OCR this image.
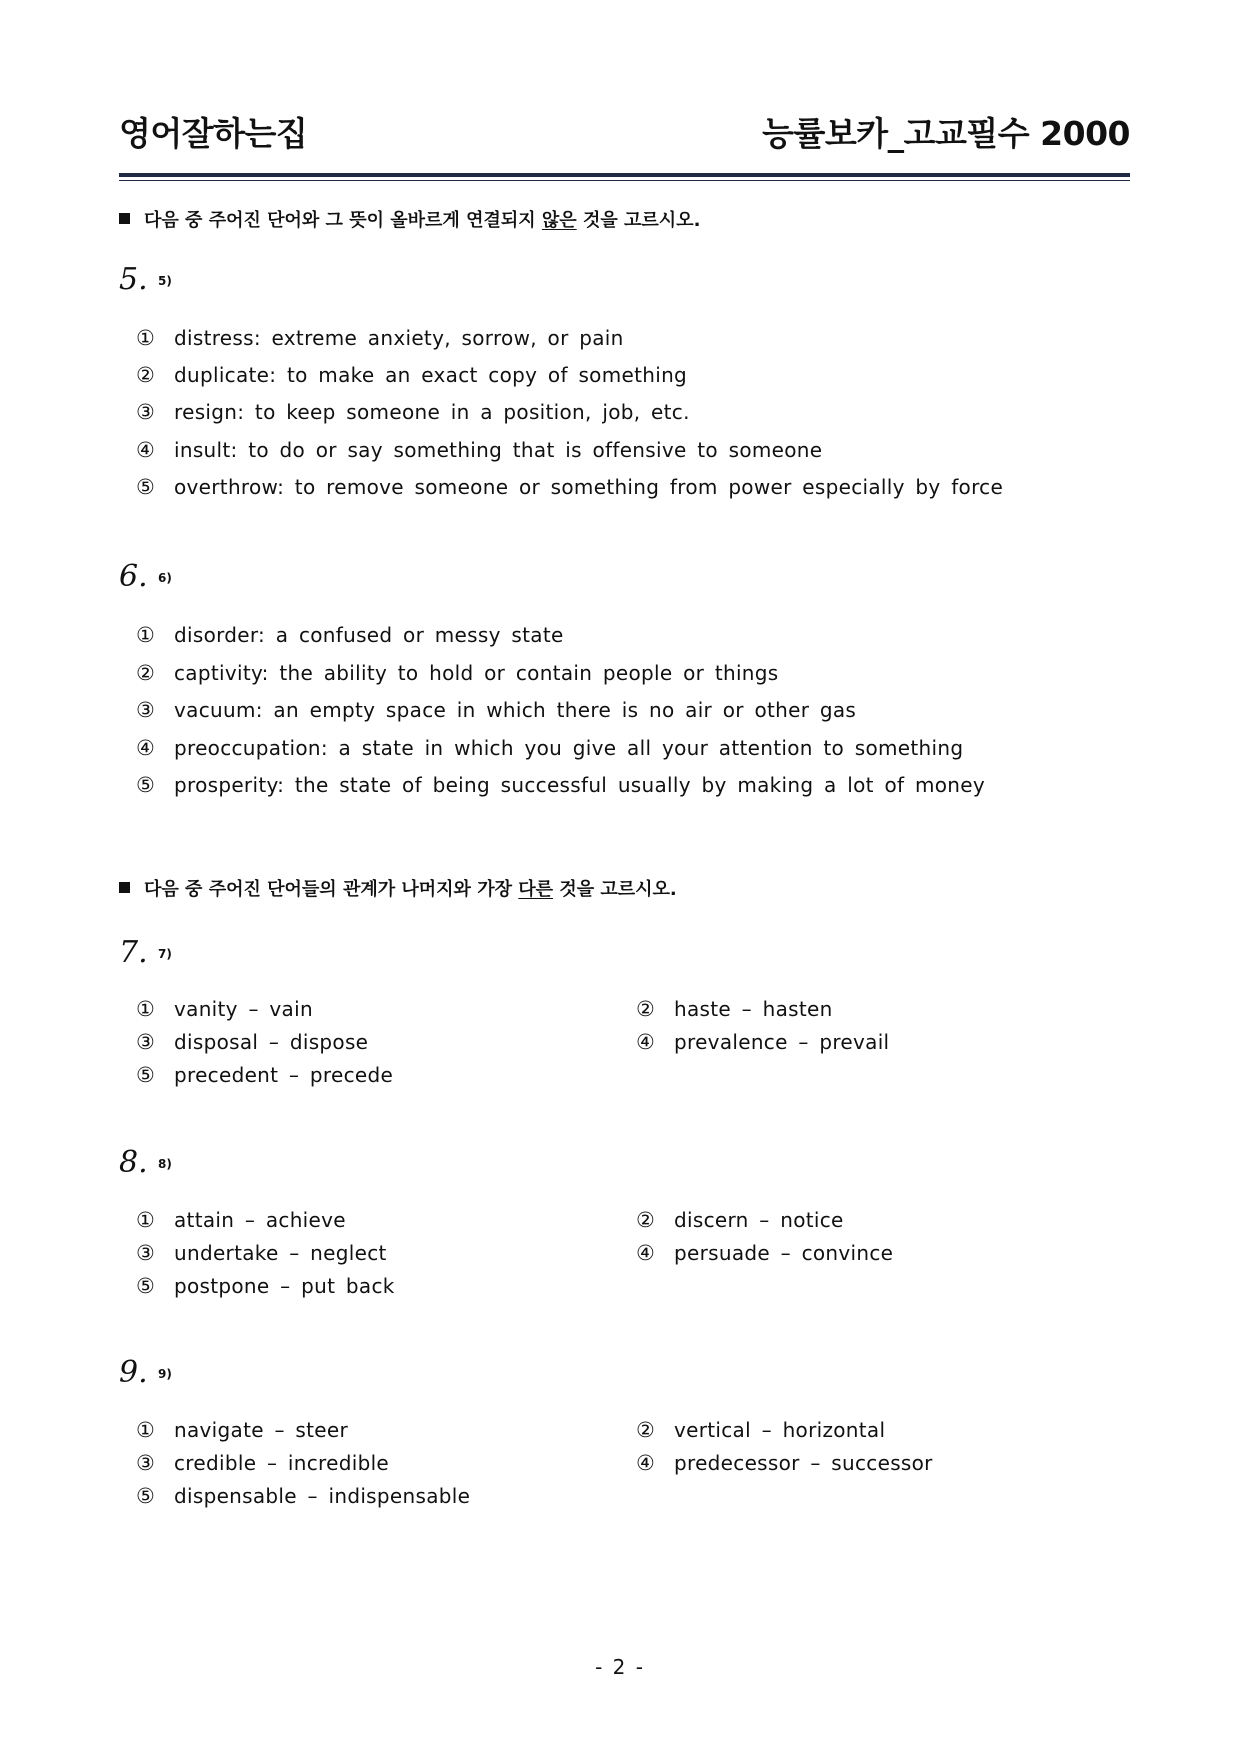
영어잘하는집	능률보카_고교필수 2000
다음 중 주어진 단어와 그 뜻이 올바르게 연결되지 않은 것을 고르시오.
5. 5)
① distress: extreme anxiety, sorrow, or pain
② duplicate: to make an exact copy of something
③ resign: to keep someone in a position, job, etc.
④ insult: to do or say something that is offensive to someone
⑤ overthrow: to remove someone or something from power especially by force
6. 6)
① disorder: a confused or messy state
② captivity: the ability to hold or contain people or things
③ vacuum: an empty space in which there is no air or other gas
④ preoccupation: a state in which you give all your attention to something
⑤ prosperity: the state of being successful usually by making a lot of money
다음 중 주어진 단어들의 관계가 나머지와 가장 다른 것을 고르시오.
7. 7)
① vanity – vain	② haste – hasten
③ disposal – dispose	④ prevalence – prevail
⑤ precedent – precede
8. 8)
① attain – achieve	② discern – notice
③ undertake – neglect	④ persuade – convince
⑤ postpone – put back
9. 9)
① navigate – steer	② vertical – horizontal
③ credible – incredible	④ predecessor – successor
⑤ dispensable – indispensable
- 2 -
